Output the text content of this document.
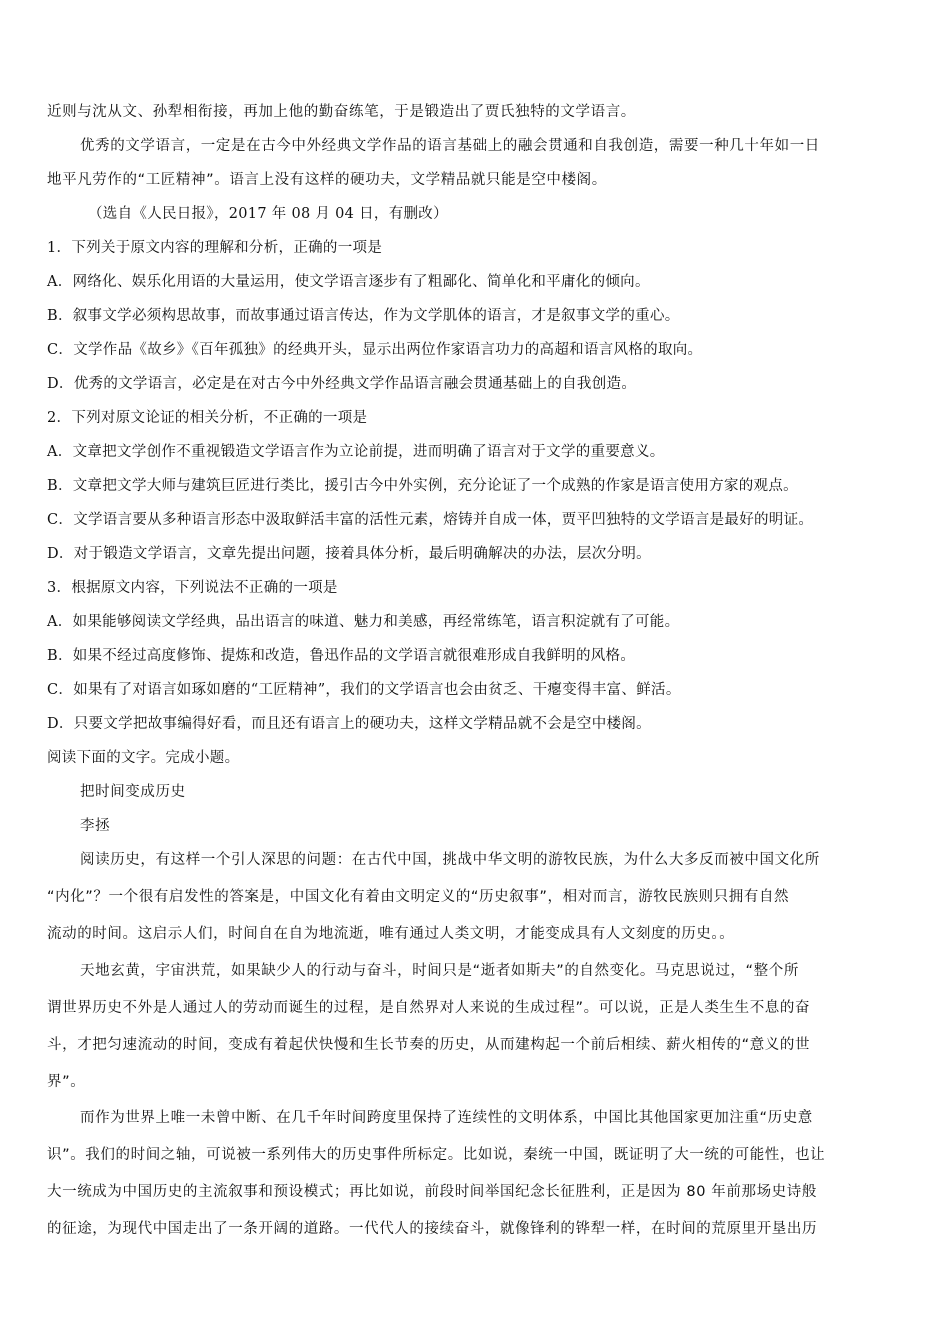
近则与沈从文、孙犁相衔接，再加上他的勤奋练笔，于是锻造出了贾氏独特的文学语言。
优秀的文学语言，一定是在古今中外经典文学作品的语言基础上的融会贯通和自我创造，需要一种几十年如一日
地平凡劳作的“工匠精神”。语言上没有这样的硬功夫，文学精品就只能是空中楼阁。
（选自《人民日报》，2017 年 08 月 04 日，有删改）
1．下列关于原文内容的理解和分析，正确的一项是
A．网络化、娱乐化用语的大量运用，使文学语言逐步有了粗鄙化、简单化和平庸化的倾向。
B．叙事文学必须构思故事，而故事通过语言传达，作为文学肌体的语言，才是叙事文学的重心。
C．文学作品《故乡》《百年孤独》的经典开头，显示出两位作家语言功力的高超和语言风格的取向。
D．优秀的文学语言，必定是在对古今中外经典文学作品语言融会贯通基础上的自我创造。
2．下列对原文论证的相关分析，不正确的一项是
A．文章把文学创作不重视锻造文学语言作为立论前提，进而明确了语言对于文学的重要意义。
B．文章把文学大师与建筑巨匠进行类比，援引古今中外实例，充分论证了一个成熟的作家是语言使用方家的观点。
C．文学语言要从多种语言形态中汲取鲜活丰富的活性元素，熔铸并自成一体，贾平凹独特的文学语言是最好的明证。
D．对于锻造文学语言，文章先提出问题，接着具体分析，最后明确解决的办法，层次分明。
3．根据原文内容，下列说法不正确的一项是
A．如果能够阅读文学经典，品出语言的味道、魅力和美感，再经常练笔，语言积淀就有了可能。
B．如果不经过高度修饰、提炼和改造，鲁迅作品的文学语言就很难形成自我鲜明的风格。
C．如果有了对语言如琢如磨的“工匠精神”，我们的文学语言也会由贫乏、干瘪变得丰富、鲜活。
D．只要文学把故事编得好看，而且还有语言上的硬功夫，这样文学精品就不会是空中楼阁。
阅读下面的文字。完成小题。
把时间变成历史
李拯
阅读历史，有这样一个引人深思的问题：在古代中国，挑战中华文明的游牧民族，为什么大多反而被中国文化所
“内化”？一个很有启发性的答案是，中国文化有着由文明定义的“历史叙事”，相对而言，游牧民族则只拥有自然
流动的时间。这启示人们，时间自在自为地流逝，唯有通过人类文明，才能变成具有人文刻度的历史。。
天地玄黄，宇宙洪荒，如果缺少人的行动与奋斗，时间只是“逝者如斯夫”的自然变化。马克思说过，“整个所
谓世界历史不外是人通过人的劳动而诞生的过程，是自然界对人来说的生成过程”。可以说，正是人类生生不息的奋
斗，才把匀速流动的时间，变成有着起伏快慢和生长节奏的历史，从而建构起一个前后相续、薪火相传的“意义的世
界”。
而作为世界上唯一未曾中断、在几千年时间跨度里保持了连续性的文明体系，中国比其他国家更加注重“历史意
识”。我们的时间之轴，可说被一系列伟大的历史事件所标定。比如说，秦统一中国，既证明了大一统的可能性，也让
大一统成为中国历史的主流叙事和预设模式；再比如说，前段时间举国纪念长征胜利，正是因为 80 年前那场史诗般
的征途，为现代中国走出了一条开阔的道路。一代代人的接续奋斗，就像锋利的铧犁一样，在时间的荒原里开垦出历
